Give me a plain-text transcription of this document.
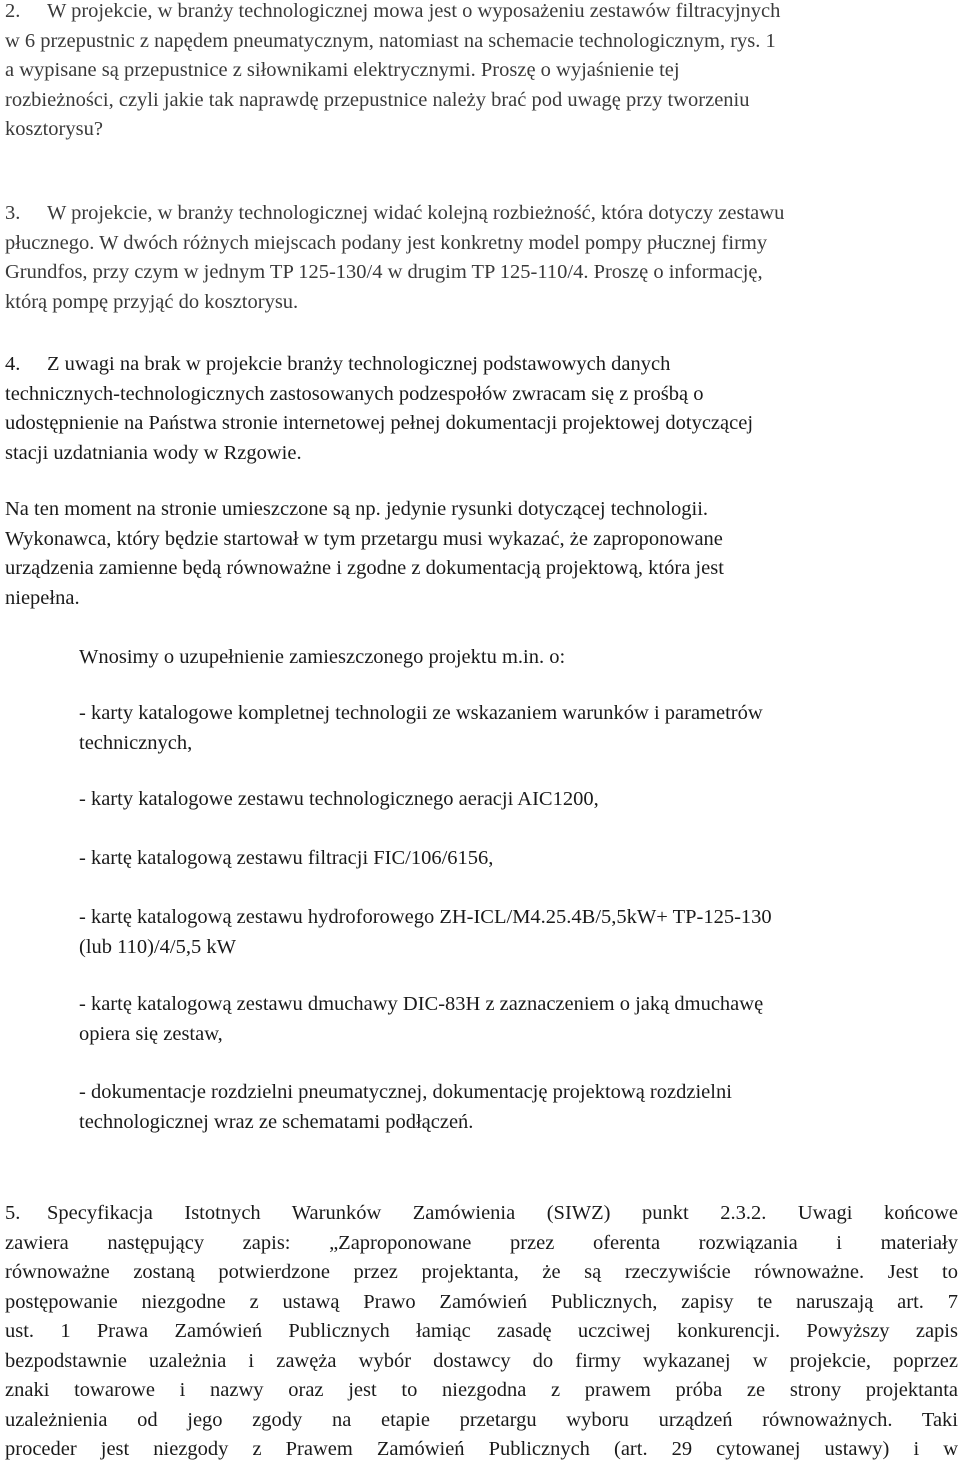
2. W projekcie, w branży technologicznej mowa jest o wyposażeniu zestawów filtracyjnych
w 6 przepustnic z napędem pneumatycznym, natomiast na schemacie technologicznym, rys. 1
a wypisane są przepustnice z siłownikami elektrycznymi. Proszę o wyjaśnienie tej
rozbieżności, czyli jakie tak naprawdę przepustnice należy brać pod uwagę przy tworzeniu
kosztorysu?
3. W projekcie, w branży technologicznej widać kolejną rozbieżność, która dotyczy zestawu
płucznego. W dwóch różnych miejscach podany jest konkretny model pompy płucznej firmy
Grundfos, przy czym w jednym TP 125-130/4 w drugim TP 125-110/4. Proszę o informację,
którą pompę przyjąć do kosztorysu.
4. Z uwagi na brak w projekcie branży technologicznej podstawowych danych
technicznych-technologicznych zastosowanych podzespołów zwracam się z prośbą o
udostępnienie na Państwa stronie internetowej pełnej dokumentacji projektowej dotyczącej
stacji uzdatniania wody w Rzgowie.
Na ten moment na stronie umieszczone są np. jedynie rysunki dotyczącej technologii.
Wykonawca, który będzie startował w tym przetargu musi wykazać, że zaproponowane
urządzenia zamienne będą równoważne i zgodne z dokumentacją projektową, która jest
niepełna.
Wnosimy o uzupełnienie zamieszczonego projektu m.in. o:
- karty katalogowe kompletnej technologii ze wskazaniem warunków i parametrów
technicznych,
- karty katalogowe zestawu technologicznego aeracji AIC1200,
- kartę katalogową zestawu filtracji FIC/106/6156,
- kartę katalogową zestawu hydroforowego ZH-ICL/M4.25.4B/5,5kW+ TP-125-130
(lub 110)/4/5,5 kW
- kartę katalogową zestawu dmuchawy DIC-83H z zaznaczeniem o jaką dmuchawę
opiera się zestaw,
- dokumentacje rozdzielni pneumatycznej, dokumentację projektową rozdzielni
technologicznej wraz ze schematami podłączeń.
5. Specyfikacja Istotnych Warunków Zamówienia (SIWZ) punkt 2.3.2. Uwagi końcowe
zawiera następujący zapis: „Zaproponowane przez oferenta rozwiązania i materiały
równoważne zostaną potwierdzone przez projektanta, że są rzeczywiście równoważne. Jest to
postępowanie niezgodne z ustawą Prawo Zamówień Publicznych, zapisy te naruszają art. 7
ust. 1 Prawa Zamówień Publicznych łamiąc zasadę uczciwej konkurencji. Powyższy zapis
bezpodstawnie uzależnia i zawęża wybór dostawcy do firmy wykazanej w projekcie, poprzez
znaki towarowe i nazwy oraz jest to niezgodna z prawem próba ze strony projektanta
uzależnienia od jego zgody na etapie przetargu wyboru urządzeń równoważnych. Taki
proceder jest niezgody z Prawem Zamówień Publicznych (art. 29 cytowanej ustawy) i w
